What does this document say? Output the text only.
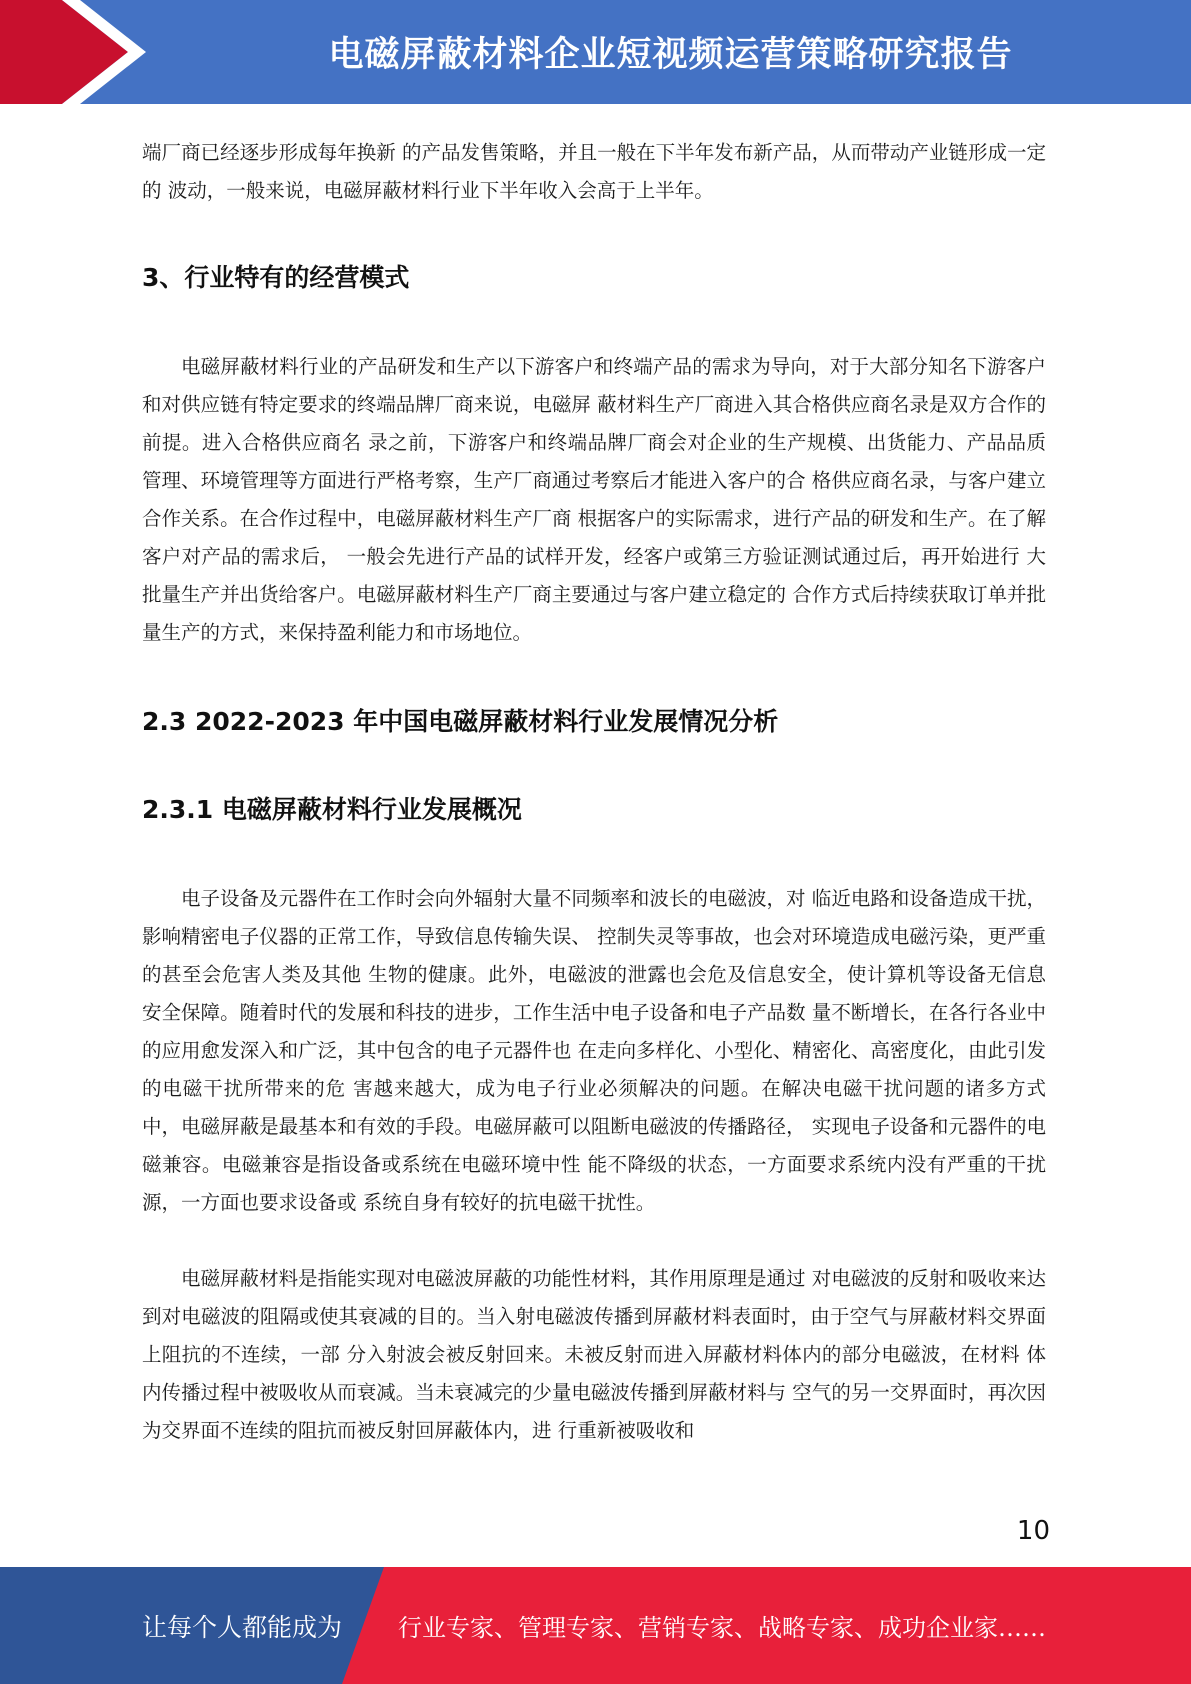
电磁屏蔽材料企业短视频运营策略研究报告

端厂商已经逐步形成每年换新 的产品发售策略，并且一般在下半年发布新产品，从而带动产业链形成一定的 波动，一般来说，电磁屏蔽材料行业下半年收入会高于上半年。

3、行业特有的经营模式

电磁屏蔽材料行业的产品研发和生产以下游客户和终端产品的需求为导向，对于大部分知名下游客户和对供应链有特定要求的终端品牌厂商来说，电磁屏 蔽材料生产厂商进入其合格供应商名录是双方合作的前提。进入合格供应商名 录之前，下游客户和终端品牌厂商会对企业的生产规模、出货能力、产品品质 管理、环境管理等方面进行严格考察，生产厂商通过考察后才能进入客户的合 格供应商名录，与客户建立合作关系。在合作过程中，电磁屏蔽材料生产厂商 根据客户的实际需求，进行产品的研发和生产。在了解客户对产品的需求后， 一般会先进行产品的试样开发，经客户或第三方验证测试通过后，再开始进行 大批量生产并出货给客户。电磁屏蔽材料生产厂商主要通过与客户建立稳定的 合作方式后持续获取订单并批量生产的方式，来保持盈利能力和市场地位。

2.3 2022-2023 年中国电磁屏蔽材料行业发展情况分析
2.3.1 电磁屏蔽材料行业发展概况

电子设备及元器件在工作时会向外辐射大量不同频率和波长的电磁波，对 临近电路和设备造成干扰，影响精密电子仪器的正常工作，导致信息传输失误、 控制失灵等事故，也会对环境造成电磁污染，更严重的甚至会危害人类及其他 生物的健康。此外，电磁波的泄露也会危及信息安全，使计算机等设备无信息 安全保障。随着时代的发展和科技的进步，工作生活中电子设备和电子产品数 量不断增长，在各行各业中的应用愈发深入和广泛，其中包含的电子元器件也 在走向多样化、小型化、精密化、高密度化，由此引发的电磁干扰所带来的危 害越来越大，成为电子行业必须解决的问题。在解决电磁干扰问题的诸多方式 中，电磁屏蔽是最基本和有效的手段。电磁屏蔽可以阻断电磁波的传播路径， 实现电子设备和元器件的电磁兼容。电磁兼容是指设备或系统在电磁环境中性 能不降级的状态，一方面要求系统内没有严重的干扰源，一方面也要求设备或 系统自身有较好的抗电磁干扰性。

电磁屏蔽材料是指能实现对电磁波屏蔽的功能性材料，其作用原理是通过 对电磁波的反射和吸收来达到对电磁波的阻隔或使其衰减的目的。当入射电磁波传播到屏蔽材料表面时，由于空气与屏蔽材料交界面上阻抗的不连续，一部 分入射波会被反射回来。未被反射而进入屏蔽材料体内的部分电磁波，在材料 体内传播过程中被吸收从而衰减。当未衰减完的少量电磁波传播到屏蔽材料与 空气的另一交界面时，再次因为交界面不连续的阻抗而被反射回屏蔽体内，进 行重新被吸收和

10
让每个人都能成为 行业专家、管理专家、营销专家、战略专家、成功企业家……
